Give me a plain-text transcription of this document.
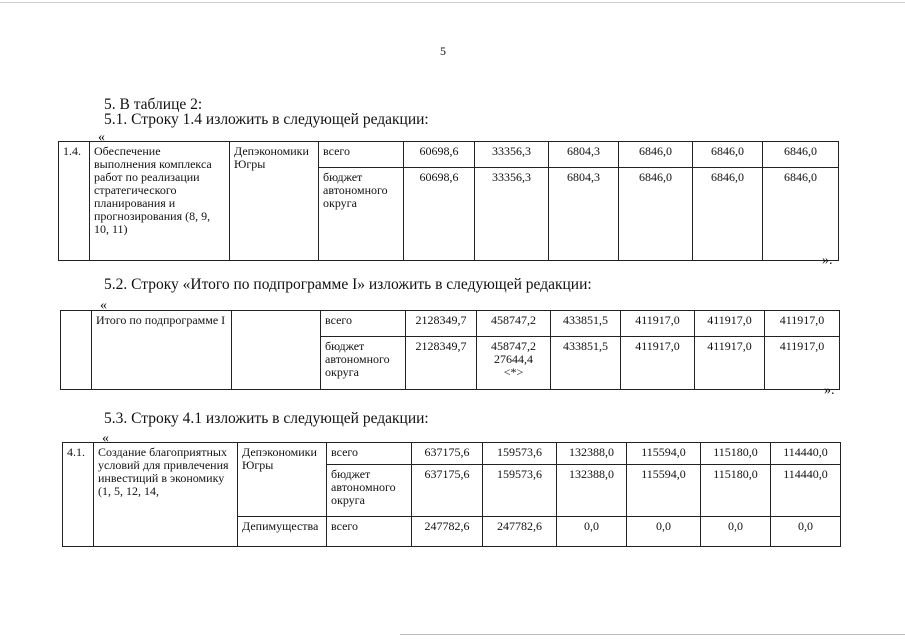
5
5. В таблице 2:
5.1. Строку 1.4 изложить в следующей редакции:
«
1.4.	Обеспечение выполнения комплекса работ по реализации стратегического планирования и прогнозирования (8, 9, 10, 11)	Депэкономики Югры	всего	60698,6	33356,3	6804,3	6846,0	6846,0	6846,0
			бюджет автономного округа	60698,6	33356,3	6804,3	6846,0	6846,0	6846,0
».
5.2. Строку «Итого по подпрограмме I» изложить в следующей редакции:
«
	Итого по подпрограмме I		всего	2128349,7	458747,2	433851,5	411917,0	411917,0	411917,0
			бюджет автономного округа	2128349,7	458747,2 27644,4 <*>	433851,5	411917,0	411917,0	411917,0
».
5.3. Строку 4.1 изложить в следующей редакции:
«
4.1.	Создание благоприятных условий для привлечения инвестиций в экономику (1, 5, 12, 14,	Депэкономики Югры	всего	637175,6	159573,6	132388,0	115594,0	115180,0	114440,0
			бюджет автономного округа	637175,6	159573,6	132388,0	115594,0	115180,0	114440,0
		Депимущества	всего	247782,6	247782,6	0,0	0,0	0,0	0,0
